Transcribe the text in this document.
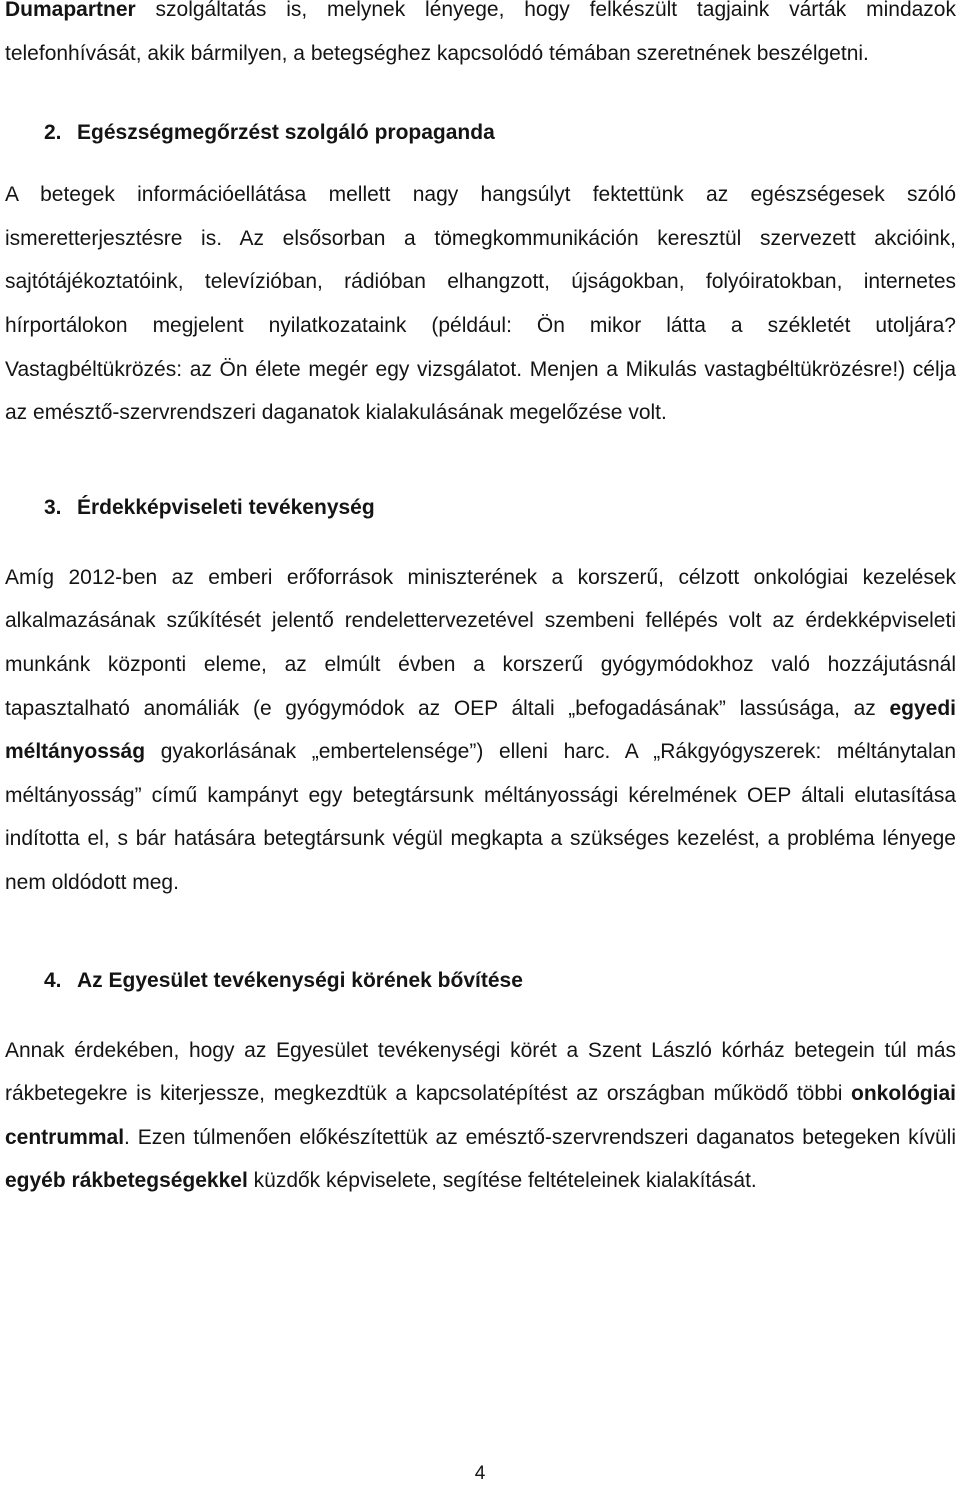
Dumapartner szolgáltatás is, melynek lényege, hogy felkészült tagjaink várták mindazok telefonhívását, akik bármilyen, a betegséghez kapcsolódó témában szeretnének beszélgetni.

2. Egészségmegőrzést szolgáló propaganda

A betegek információellátása mellett nagy hangsúlyt fektettünk az egészségesek szóló ismeretterjesztésre is. Az elsősorban a tömegkommunikáción keresztül szervezett akcióink, sajtótájékoztatóink, televízióban, rádióban elhangzott, újságokban, folyóiratokban, internetes hírportálokon megjelent nyilatkozataink (például: Ön mikor látta a székletét utoljára? Vastagbéltükrözés: az Ön élete megér egy vizsgálatot. Menjen a Mikulás vastagbéltükrözésre!) célja az emésztő-szervrendszeri daganatok kialakulásának megelőzése volt.

3. Érdekképviseleti tevékenység

Amíg 2012-ben az emberi erőforrások miniszterének a korszerű, célzott onkológiai kezelések alkalmazásának szűkítését jelentő rendelettervezetével szembeni fellépés volt az érdekképviseleti munkánk központi eleme, az elmúlt évben a korszerű gyógymódokhoz való hozzájutásnál tapasztalható anomáliák (e gyógymódok az OEP általi „befogadásának” lassúsága, az egyedi méltányosság gyakorlásának „embertelensége”) elleni harc. A „Rákgyógyszerek: méltánytalan méltányosság” című kampányt egy betegtársunk méltányossági kérelmének OEP általi elutasítása indította el, s bár hatására betegtársunk végül megkapta a szükséges kezelést, a probléma lényege nem oldódott meg.

4. Az Egyesület tevékenységi körének bővítése

Annak érdekében, hogy az Egyesület tevékenységi körét a Szent László kórház betegein túl más rákbetegekre is kiterjessze, megkezdtük a kapcsolatépítést az országban működő többi onkológiai centrummal. Ezen túlmenően előkészítettük az emésztő-szervrendszeri daganatos betegeken kívüli egyéb rákbetegségekkel küzdők képviselete, segítése feltételeinek kialakítását.

4
